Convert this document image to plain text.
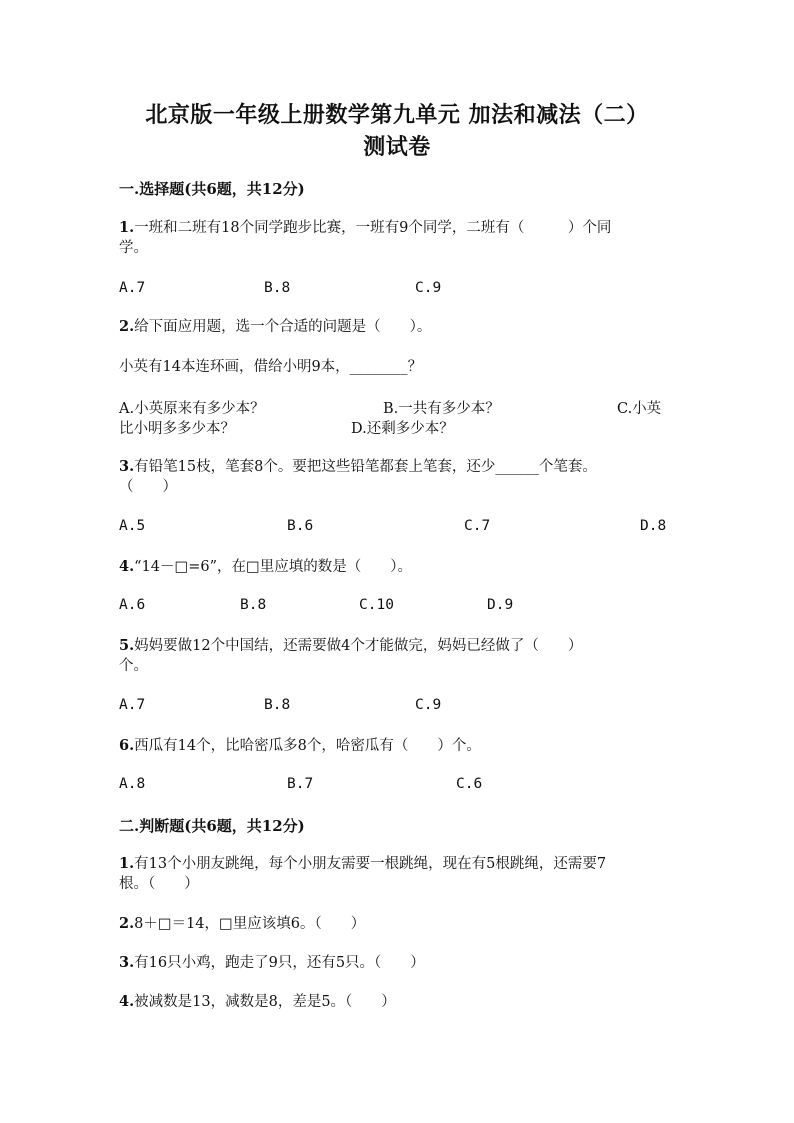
北京版一年级上册数学第九单元 加法和减法（二）
测试卷
一.选择题(共6题，共12分)
1.一班和二班有18个同学跑步比赛，一班有9个同学，二班有（　　　）个同
学。
A.7	B.8	C.9
2.给下面应用题，选一个合适的问题是（　　）。
小英有14本连环画，借给小明9本，________？
A.小英原来有多少本？	B.一共有多少本？	C.小英
比小明多多少本？	D.还剩多少本？
3.有铅笔15枝，笔套8个。要把这些铅笔都套上笔套，还少______个笔套。
（　　）
A.5	B.6	C.7	D.8
4.“14－□=6”，在□里应填的数是（　　）。
A.6	B.8	C.10	D.9
5.妈妈要做12个中国结，还需要做4个才能做完，妈妈已经做了（　　）
个。
A.7	B.8	C.9
6.西瓜有14个，比哈密瓜多8个，哈密瓜有（　　）个。
A.8	B.7	C.6
二.判断题(共6题，共12分)
1.有13个小朋友跳绳，每个小朋友需要一根跳绳，现在有5根跳绳，还需要7
根。（　　）
2.8＋□＝14，□里应该填6。（　　）
3.有16只小鸡，跑走了9只，还有5只。（　　）
4.被减数是13，减数是8，差是5。（　　）
